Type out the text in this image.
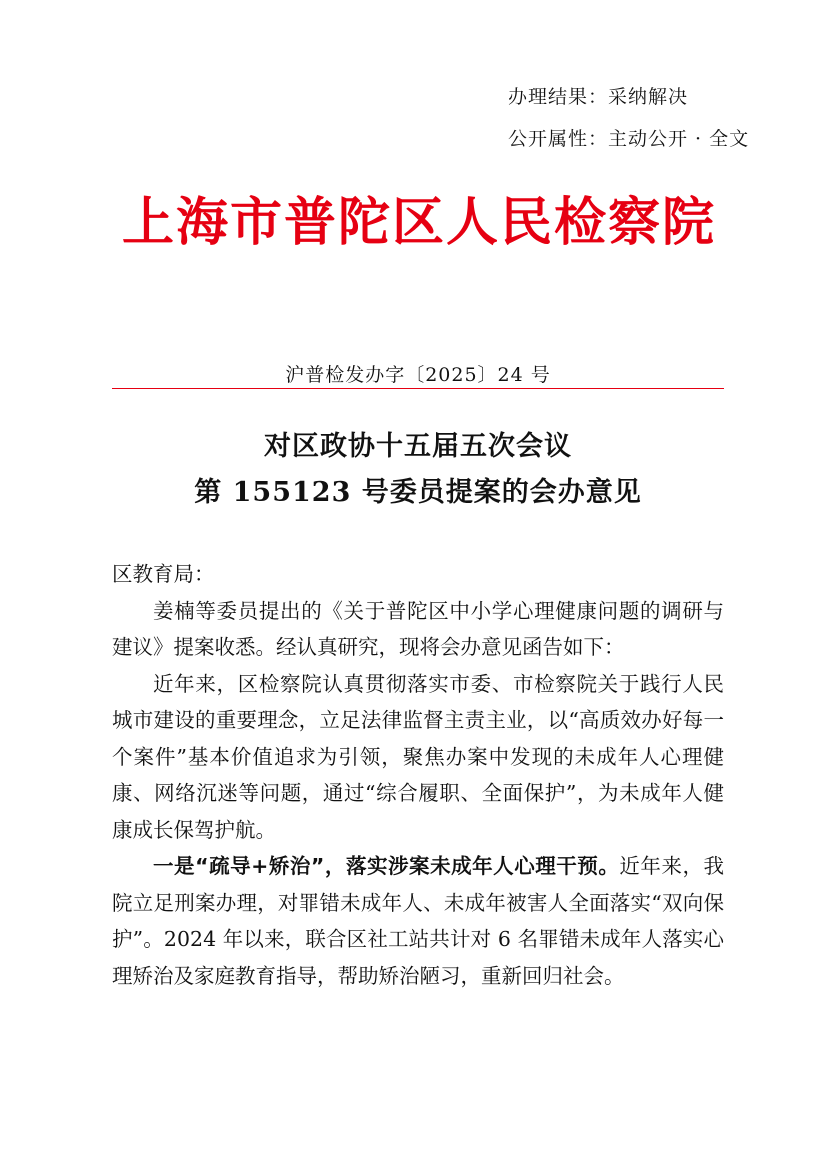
办理结果：采纳解决
公开属性：主动公开 · 全文
上海市普陀区人民检察院
沪普检发办字〔2025〕24 号
对区政协十五届五次会议
第 155123 号委员提案的会办意见

区教育局：

姜楠等委员提出的《关于普陀区中小学心理健康问题的调研与建议》提案收悉。经认真研究，现将会办意见函告如下：

近年来，区检察院认真贯彻落实市委、市检察院关于践行人民城市建设的重要理念，立足法律监督主责主业，以“高质效办好每一个案件”基本价值追求为引领，聚焦办案中发现的未成年人心理健康、网络沉迷等问题，通过“综合履职、全面保护”，为未成年人健康成长保驾护航。

一是“疏导+矫治”，落实涉案未成年人心理干预。近年来，我院立足刑案办理，对罪错未成年人、未成年被害人全面落实“双向保护”。2024 年以来，联合区社工站共计对 6 名罪错未成年人落实心理矫治及家庭教育指导，帮助矫治陋习，重新回归社会。
